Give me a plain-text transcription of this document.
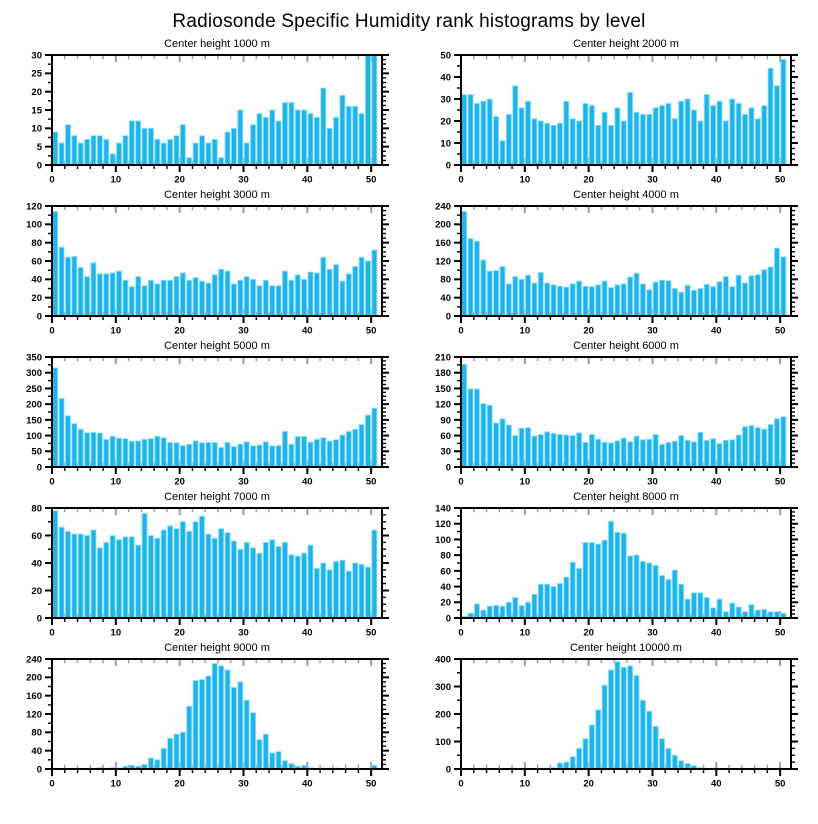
Radiosonde Specific Humidity rank histograms by level
Center height 1000 m
0
5
10
15
20
25
30
0	10	20	30	40	50
Center height 2000 m
0
10
20
30
40
50
0	10	20	30	40	50
Center height 3000 m
0
20
40
60
80
100
120
0	10	20	30	40	50
Center height 4000 m
0
40
80
120
160
200
240
0	10	20	30	40	50
Center height 5000 m
0
50
100
150
200
250
300
350
0	10	20	30	40	50
Center height 6000 m
0
30
60
90
120
150
180
210
0	10	20	30	40	50
Center height 7000 m
0
20
40
60
80
0	10	20	30	40	50
Center height 8000 m
0
20
40
60
80
100
120
140
0	10	20	30	40	50
Center height 9000 m
0
40
80
120
160
200
240
0	10	20	30	40	50
Center height 10000 m
0
100
200
300
400
0	10	20	30	40	50
